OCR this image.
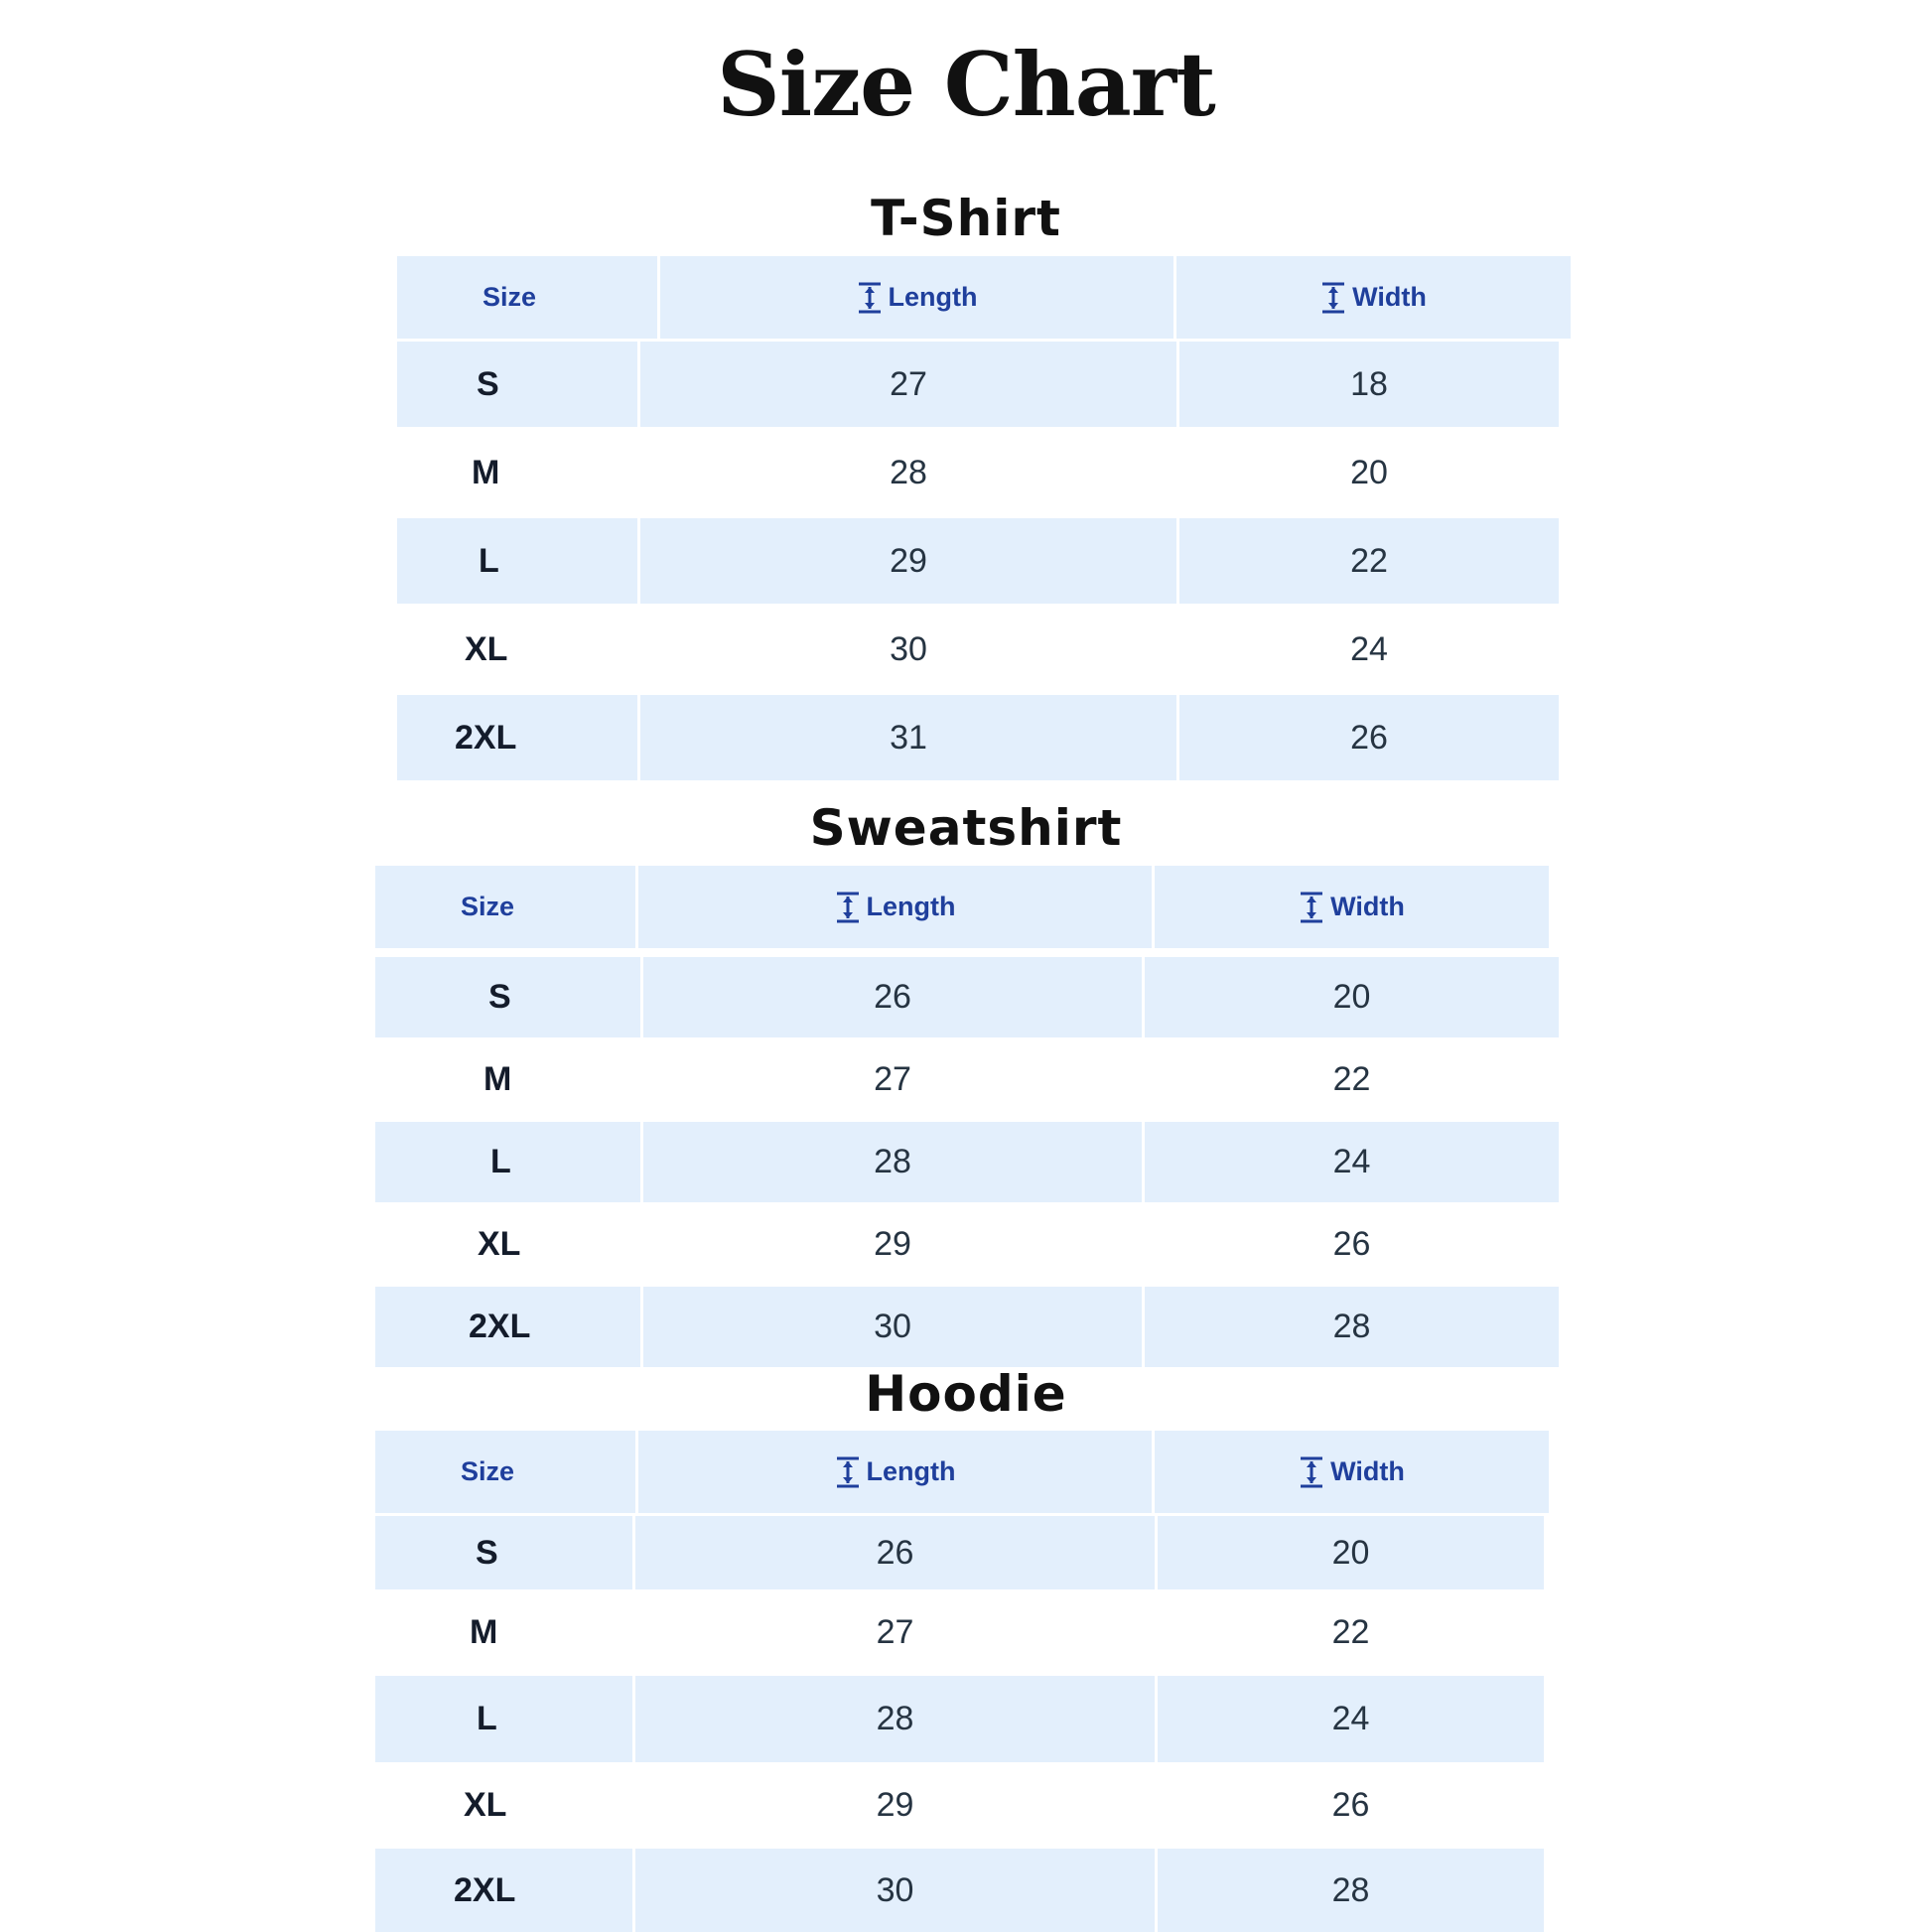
Size Chart
T-Shirt
Size	Length	Width
S	27	18
M	28	20
L	29	22
XL	30	24
2XL	31	26
Sweatshirt
Size	Length	Width
S	26	20
M	27	22
L	28	24
XL	29	26
2XL	30	28
Hoodie
Size	Length	Width
S	26	20
M	27	22
L	28	24
XL	29	26
2XL	30	28
